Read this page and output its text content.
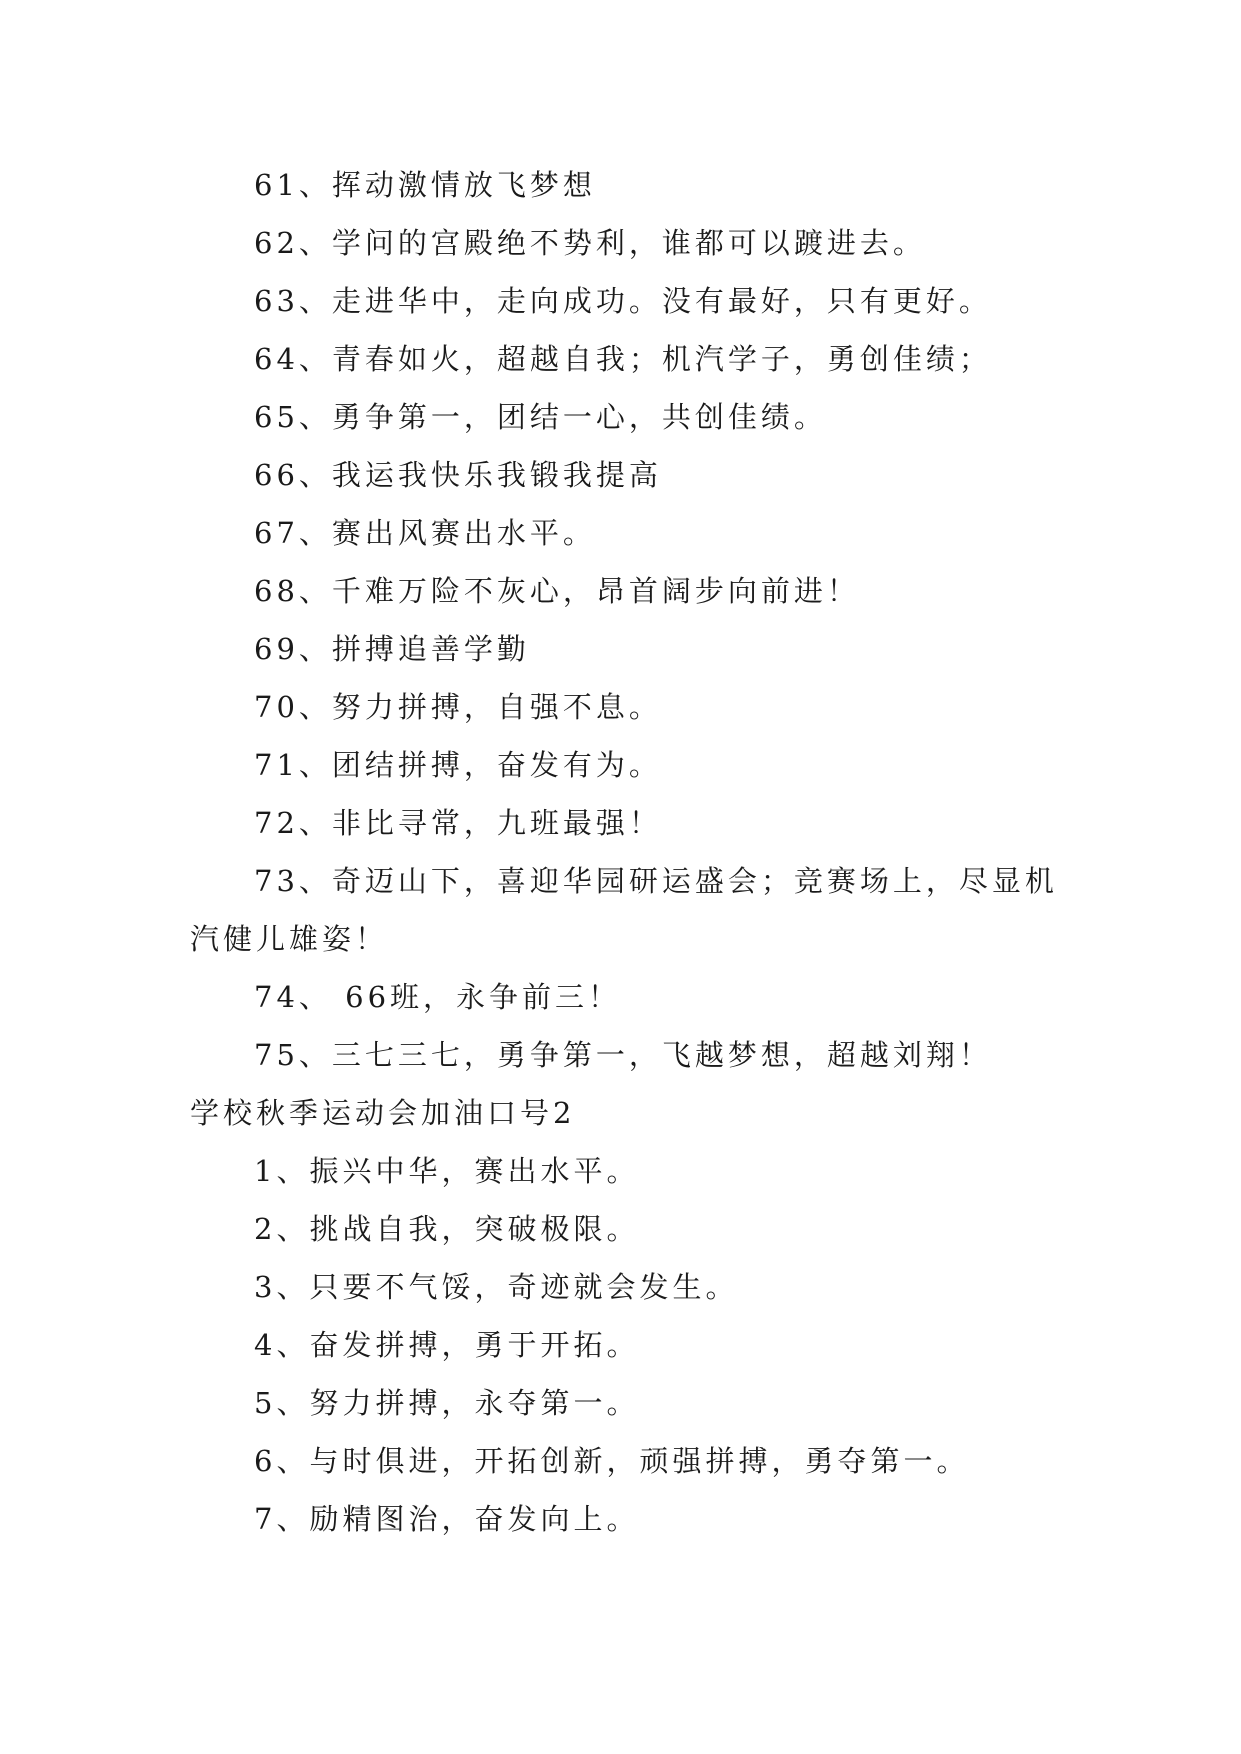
61、挥动激情放飞梦想
62、学问的宫殿绝不势利，谁都可以踱进去。
63、走进华中，走向成功。没有最好，只有更好。
64、青春如火，超越自我；机汽学子，勇创佳绩；
65、勇争第一，团结一心，共创佳绩。
66、我运我快乐我锻我提高
67、赛出风赛出水平。
68、千难万险不灰心，昂首阔步向前进！
69、拼搏追善学勤
70、努力拼搏，自强不息。
71、团结拼搏，奋发有为。
72、非比寻常，九班最强！
73、奇迈山下，喜迎华园研运盛会；竞赛场上，尽显机汽健儿雄姿！
74、 66班，永争前三！
75、三七三七，勇争第一，飞越梦想，超越刘翔！
学校秋季运动会加油口号2
1、振兴中华，赛出水平。
2、挑战自我，突破极限。
3、只要不气馁，奇迹就会发生。
4、奋发拼搏，勇于开拓。
5、努力拼搏，永夺第一。
6、与时俱进，开拓创新，顽强拼搏，勇夺第一。
7、励精图治，奋发向上。
